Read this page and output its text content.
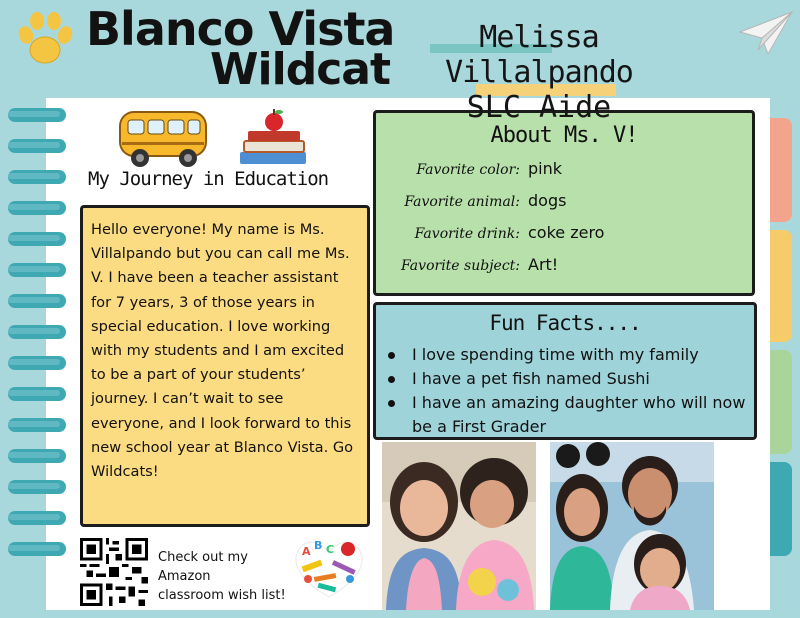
Blanco Vista
Wildcat
Melissa Villalpando
SLC Aide
My Journey in Education
Hello everyone! My name is Ms. Villalpando but you can call me Ms. V. I have been a teacher assistant for 7 years, 3 of those years in special education. I love working with my students and I am excited to be a part of your students’ journey. I can’t wait to see everyone, and I look forward to this new school year at Blanco Vista. Go Wildcats!
Check out my
Amazon
classroom wish list!
A B C
About Ms. V!
Favorite color: pink
Favorite animal: dogs
Favorite drink: coke zero
Favorite subject: Art!
Fun Facts....
I love spending time with my family
I have a pet fish named Sushi
I have an amazing daughter who will now be a First Grader
